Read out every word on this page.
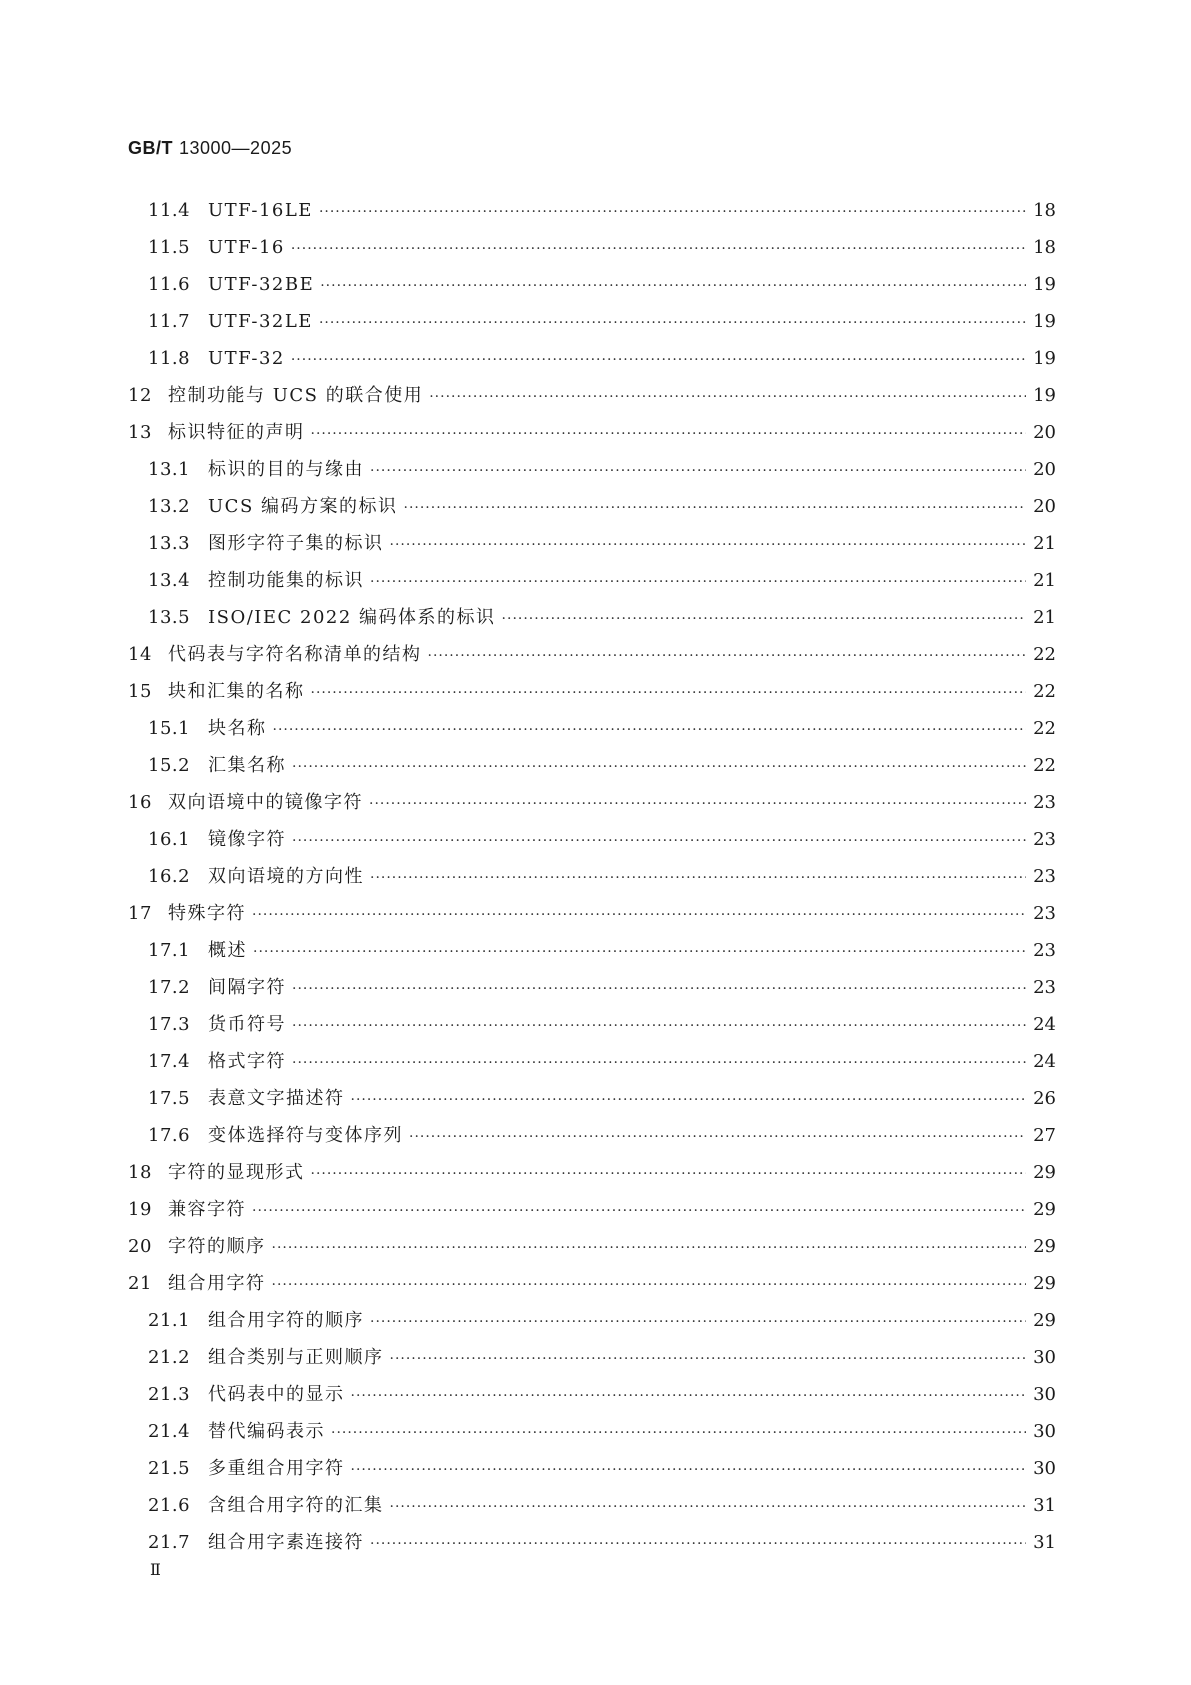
GB/T 13000—2025
11.4 UTF-16LE ·····	18
11.5 UTF-16 ·····	18
11.6 UTF-32BE ·····	19
11.7 UTF-32LE ·····	19
11.8 UTF-32 ·····	19
12 控制功能与 UCS 的联合使用 ·····	19
13 标识特征的声明 ·····	20
13.1 标识的目的与缘由 ·····	20
13.2 UCS 编码方案的标识 ·····	20
13.3 图形字符子集的标识 ·····	21
13.4 控制功能集的标识 ·····	21
13.5 ISO/IEC 2022 编码体系的标识 ·····	21
14 代码表与字符名称清单的结构 ·····	22
15 块和汇集的名称 ·····	22
15.1 块名称 ·····	22
15.2 汇集名称 ·····	22
16 双向语境中的镜像字符 ·····	23
16.1 镜像字符 ·····	23
16.2 双向语境的方向性 ·····	23
17 特殊字符 ·····	23
17.1 概述 ·····	23
17.2 间隔字符 ·····	23
17.3 货币符号 ·····	24
17.4 格式字符 ·····	24
17.5 表意文字描述符 ·····	26
17.6 变体选择符与变体序列 ·····	27
18 字符的显现形式 ·····	29
19 兼容字符 ·····	29
20 字符的顺序 ·····	29
21 组合用字符 ·····	29
21.1 组合用字符的顺序 ·····	29
21.2 组合类别与正则顺序 ·····	30
21.3 代码表中的显示 ·····	30
21.4 替代编码表示 ·····	30
21.5 多重组合用字符 ·····	30
21.6 含组合用字符的汇集 ·····	31
21.7 组合用字素连接符 ·····	31
Ⅱ
